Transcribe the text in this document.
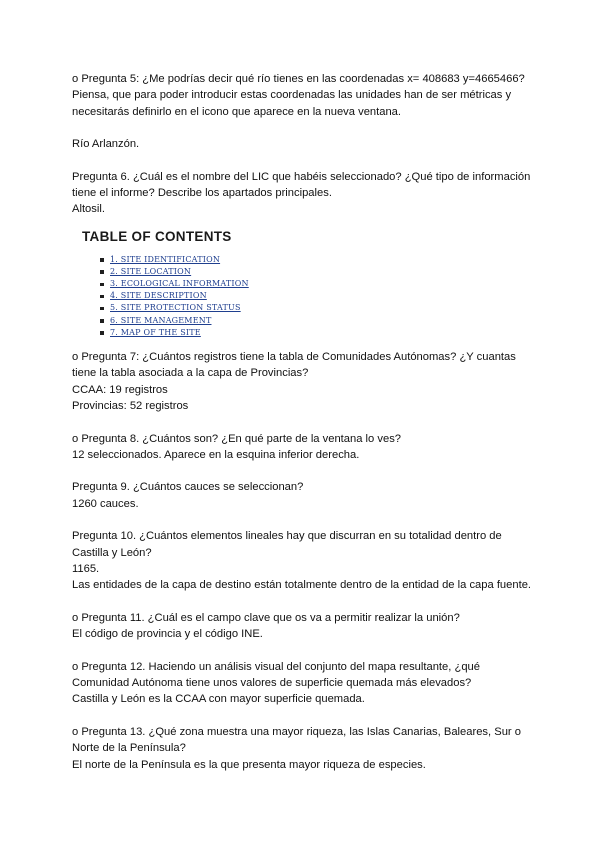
o Pregunta 5: ¿Me podrías decir qué río tienes en las coordenadas x= 408683 y=4665466?
Piensa, que para poder introducir estas coordenadas las unidades han de ser métricas y
necesitarás definirlo en el icono que aparece en la nueva ventana.
Río Arlanzón.
Pregunta 6. ¿Cuál es el nombre del LIC que habéis seleccionado? ¿Qué tipo de información
tiene el informe? Describe los apartados principales.
Altosil.
TABLE OF CONTENTS
1. SITE IDENTIFICATION
2. SITE LOCATION
3. ECOLOGICAL INFORMATION
4. SITE DESCRIPTION
5. SITE PROTECTION STATUS
6. SITE MANAGEMENT
7. MAP OF THE SITE
o Pregunta 7: ¿Cuántos registros tiene la tabla de Comunidades Autónomas? ¿Y cuantas
tiene la tabla asociada a la capa de Provincias?
CCAA: 19 registros
Provincias: 52 registros
o Pregunta 8. ¿Cuántos son? ¿En qué parte de la ventana lo ves?
12 seleccionados. Aparece en la esquina inferior derecha.
Pregunta 9. ¿Cuántos cauces se seleccionan?
1260 cauces.
Pregunta 10. ¿Cuántos elementos lineales hay que discurran en su totalidad dentro de
Castilla y León?
1165.
Las entidades de la capa de destino están totalmente dentro de la entidad de la capa fuente.
o Pregunta 11. ¿Cuál es el campo clave que os va a permitir realizar la unión?
El código de provincia y el código INE.
o Pregunta 12. Haciendo un análisis visual del conjunto del mapa resultante, ¿qué
Comunidad Autónoma tiene unos valores de superficie quemada más elevados?
Castilla y León es la CCAA con mayor superficie quemada.
o Pregunta 13. ¿Qué zona muestra una mayor riqueza, las Islas Canarias, Baleares, Sur o
Norte de la Península?
El norte de la Península es la que presenta mayor riqueza de especies.
